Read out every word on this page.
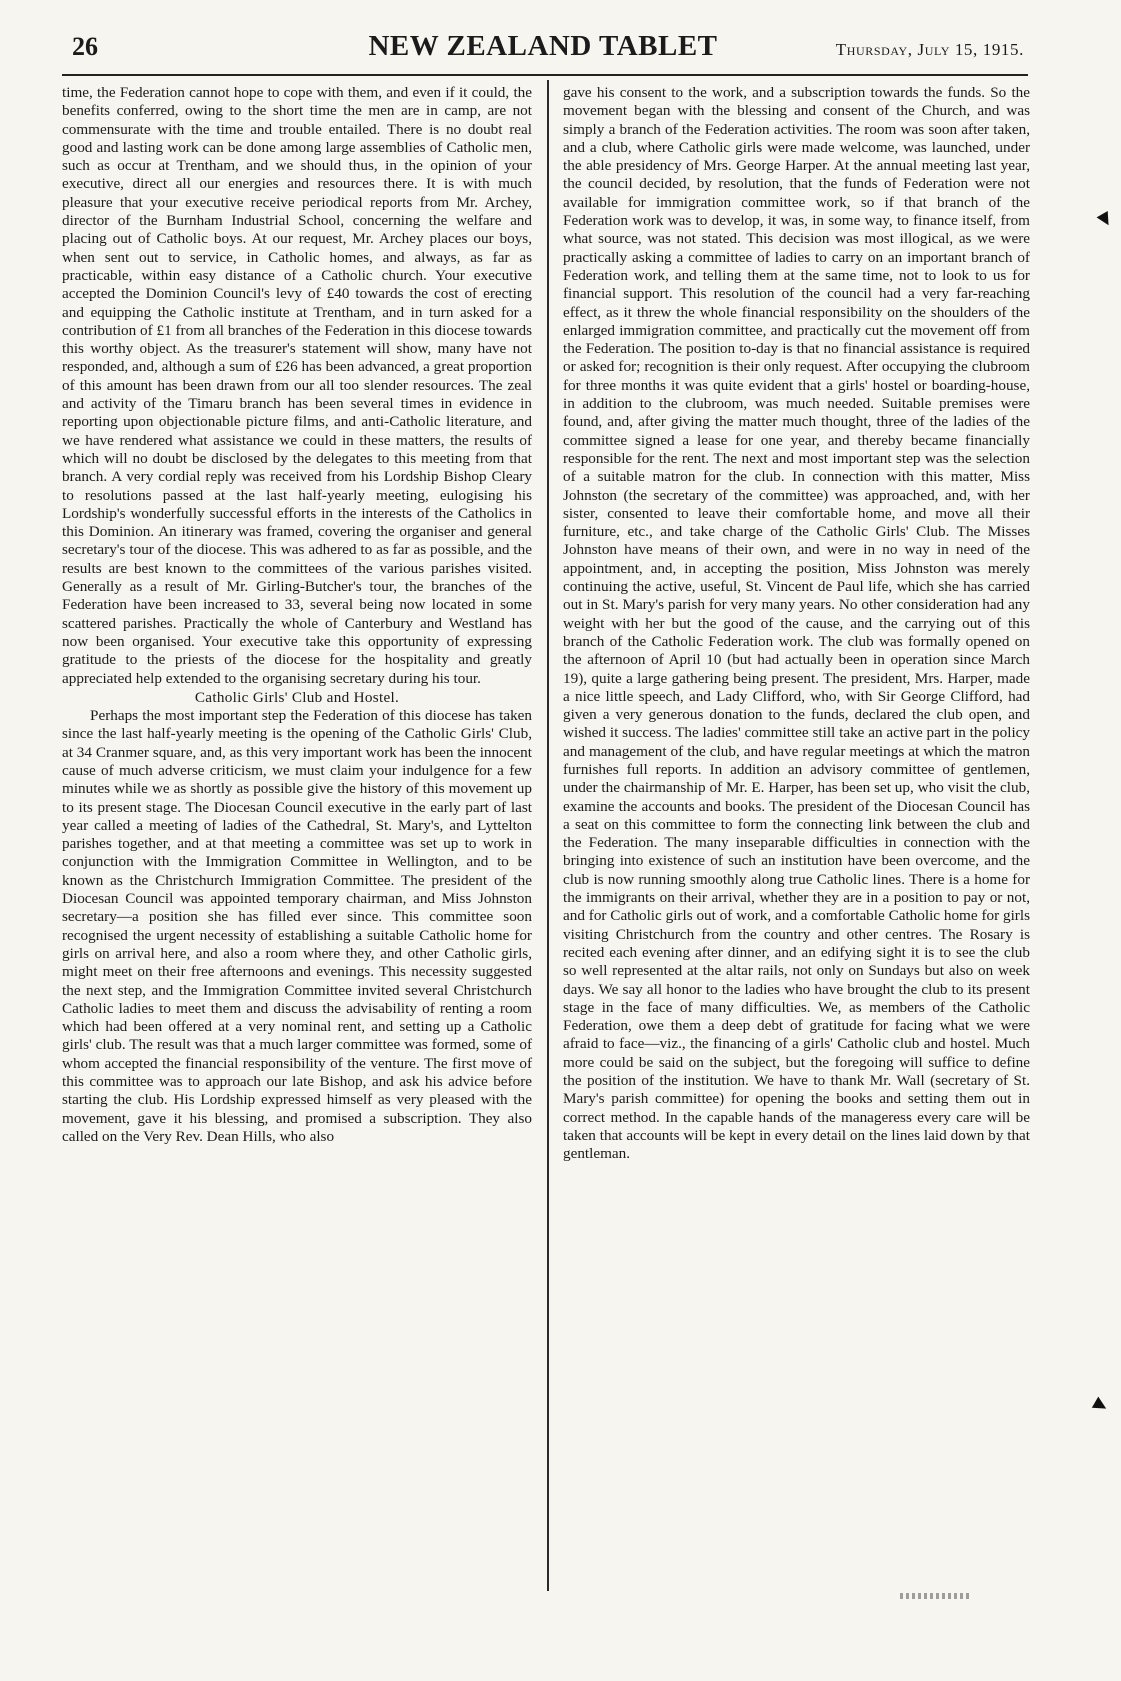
26	NEW ZEALAND TABLET	Thursday, July 15, 1915.

time, the Federation cannot hope to cope with them, and even if it could, the benefits conferred, owing to the short time the men are in camp, are not commensurate with the time and trouble entailed. There is no doubt real good and lasting work can be done among large assemblies of Catholic men, such as occur at Trentham, and we should thus, in the opinion of your executive, direct all our energies and resources there. It is with much pleasure that your executive receive periodical reports from Mr. Archey, director of the Burnham Industrial School, concerning the welfare and placing out of Catholic boys. At our request, Mr. Archey places our boys, when sent out to service, in Catholic homes, and always, as far as practicable, within easy distance of a Catholic church. Your executive accepted the Dominion Council's levy of £40 towards the cost of erecting and equipping the Catholic institute at Trentham, and in turn asked for a contribution of £1 from all branches of the Federation in this diocese towards this worthy object. As the treasurer's statement will show, many have not responded, and, although a sum of £26 has been advanced, a great proportion of this amount has been drawn from our all too slender resources. The zeal and activity of the Timaru branch has been several times in evidence in reporting upon objectionable picture films, and anti-Catholic literature, and we have rendered what assistance we could in these matters, the results of which will no doubt be disclosed by the delegates to this meeting from that branch. A very cordial reply was received from his Lordship Bishop Cleary to resolutions passed at the last half-yearly meeting, eulogising his Lordship's wonderfully successful efforts in the interests of the Catholics in this Dominion. An itinerary was framed, covering the organiser and general secretary's tour of the diocese. This was adhered to as far as possible, and the results are best known to the committees of the various parishes visited. Generally as a result of Mr. Girling-Butcher's tour, the branches of the Federation have been increased to 33, several being now located in some scattered parishes. Practically the whole of Canterbury and Westland has now been organised. Your executive take this opportunity of expressing gratitude to the priests of the diocese for the hospitality and greatly appreciated help extended to the organising secretary during his tour.

Catholic Girls' Club and Hostel.

Perhaps the most important step the Federation of this diocese has taken since the last half-yearly meeting is the opening of the Catholic Girls' Club, at 34 Cranmer square, and, as this very important work has been the innocent cause of much adverse criticism, we must claim your indulgence for a few minutes while we as shortly as possible give the history of this movement up to its present stage. The Diocesan Council executive in the early part of last year called a meeting of ladies of the Cathedral, St. Mary's, and Lyttelton parishes together, and at that meeting a committee was set up to work in conjunction with the Immigration Committee in Wellington, and to be known as the Christchurch Immigration Committee. The president of the Diocesan Council was appointed temporary chairman, and Miss Johnston secretary—a position she has filled ever since. This committee soon recognised the urgent necessity of establishing a suitable Catholic home for girls on arrival here, and also a room where they, and other Catholic girls, might meet on their free afternoons and evenings. This necessity suggested the next step, and the Immigration Committee invited several Christchurch Catholic ladies to meet them and discuss the advisability of renting a room which had been offered at a very nominal rent, and setting up a Catholic girls' club. The result was that a much larger committee was formed, some of whom accepted the financial responsibility of the venture. The first move of this committee was to approach our late Bishop, and ask his advice before starting the club. His Lordship expressed himself as very pleased with the movement, gave it his blessing, and promised a subscription. They also called on the Very Rev. Dean Hills, who also

gave his consent to the work, and a subscription towards the funds. So the movement began with the blessing and consent of the Church, and was simply a branch of the Federation activities. The room was soon after taken, and a club, where Catholic girls were made welcome, was launched, under the able presidency of Mrs. George Harper. At the annual meeting last year, the council decided, by resolution, that the funds of Federation were not available for immigration committee work, so if that branch of the Federation work was to develop, it was, in some way, to finance itself, from what source, was not stated. This decision was most illogical, as we were practically asking a committee of ladies to carry on an important branch of Federation work, and telling them at the same time, not to look to us for financial support. This resolution of the council had a very far-reaching effect, as it threw the whole financial responsibility on the shoulders of the enlarged immigration committee, and practically cut the movement off from the Federation. The position to-day is that no financial assistance is required or asked for; recognition is their only request. After occupying the clubroom for three months it was quite evident that a girls' hostel or boarding-house, in addition to the clubroom, was much needed. Suitable premises were found, and, after giving the matter much thought, three of the ladies of the committee signed a lease for one year, and thereby became financially responsible for the rent. The next and most important step was the selection of a suitable matron for the club. In connection with this matter, Miss Johnston (the secretary of the committee) was approached, and, with her sister, consented to leave their comfortable home, and move all their furniture, etc., and take charge of the Catholic Girls' Club. The Misses Johnston have means of their own, and were in no way in need of the appointment, and, in accepting the position, Miss Johnston was merely continuing the active, useful, St. Vincent de Paul life, which she has carried out in St. Mary's parish for very many years. No other consideration had any weight with her but the good of the cause, and the carrying out of this branch of the Catholic Federation work. The club was formally opened on the afternoon of April 10 (but had actually been in operation since March 19), quite a large gathering being present. The president, Mrs. Harper, made a nice little speech, and Lady Clifford, who, with Sir George Clifford, had given a very generous donation to the funds, declared the club open, and wished it success. The ladies' committee still take an active part in the policy and management of the club, and have regular meetings at which the matron furnishes full reports. In addition an advisory committee of gentlemen, under the chairmanship of Mr. E. Harper, has been set up, who visit the club, examine the accounts and books. The president of the Diocesan Council has a seat on this committee to form the connecting link between the club and the Federation. The many inseparable difficulties in connection with the bringing into existence of such an institution have been overcome, and the club is now running smoothly along true Catholic lines. There is a home for the immigrants on their arrival, whether they are in a position to pay or not, and for Catholic girls out of work, and a comfortable Catholic home for girls visiting Christchurch from the country and other centres. The Rosary is recited each evening after dinner, and an edifying sight it is to see the club so well represented at the altar rails, not only on Sundays but also on week days. We say all honor to the ladies who have brought the club to its present stage in the face of many difficulties. We, as members of the Catholic Federation, owe them a deep debt of gratitude for facing what we were afraid to face—viz., the financing of a girls' Catholic club and hostel. Much more could be said on the subject, but the foregoing will suffice to define the position of the institution. We have to thank Mr. Wall (secretary of St. Mary's parish committee) for opening the books and setting them out in correct method. In the capable hands of the manageress every care will be taken that accounts will be kept in every detail on the lines laid down by that gentleman.

▼
▼
